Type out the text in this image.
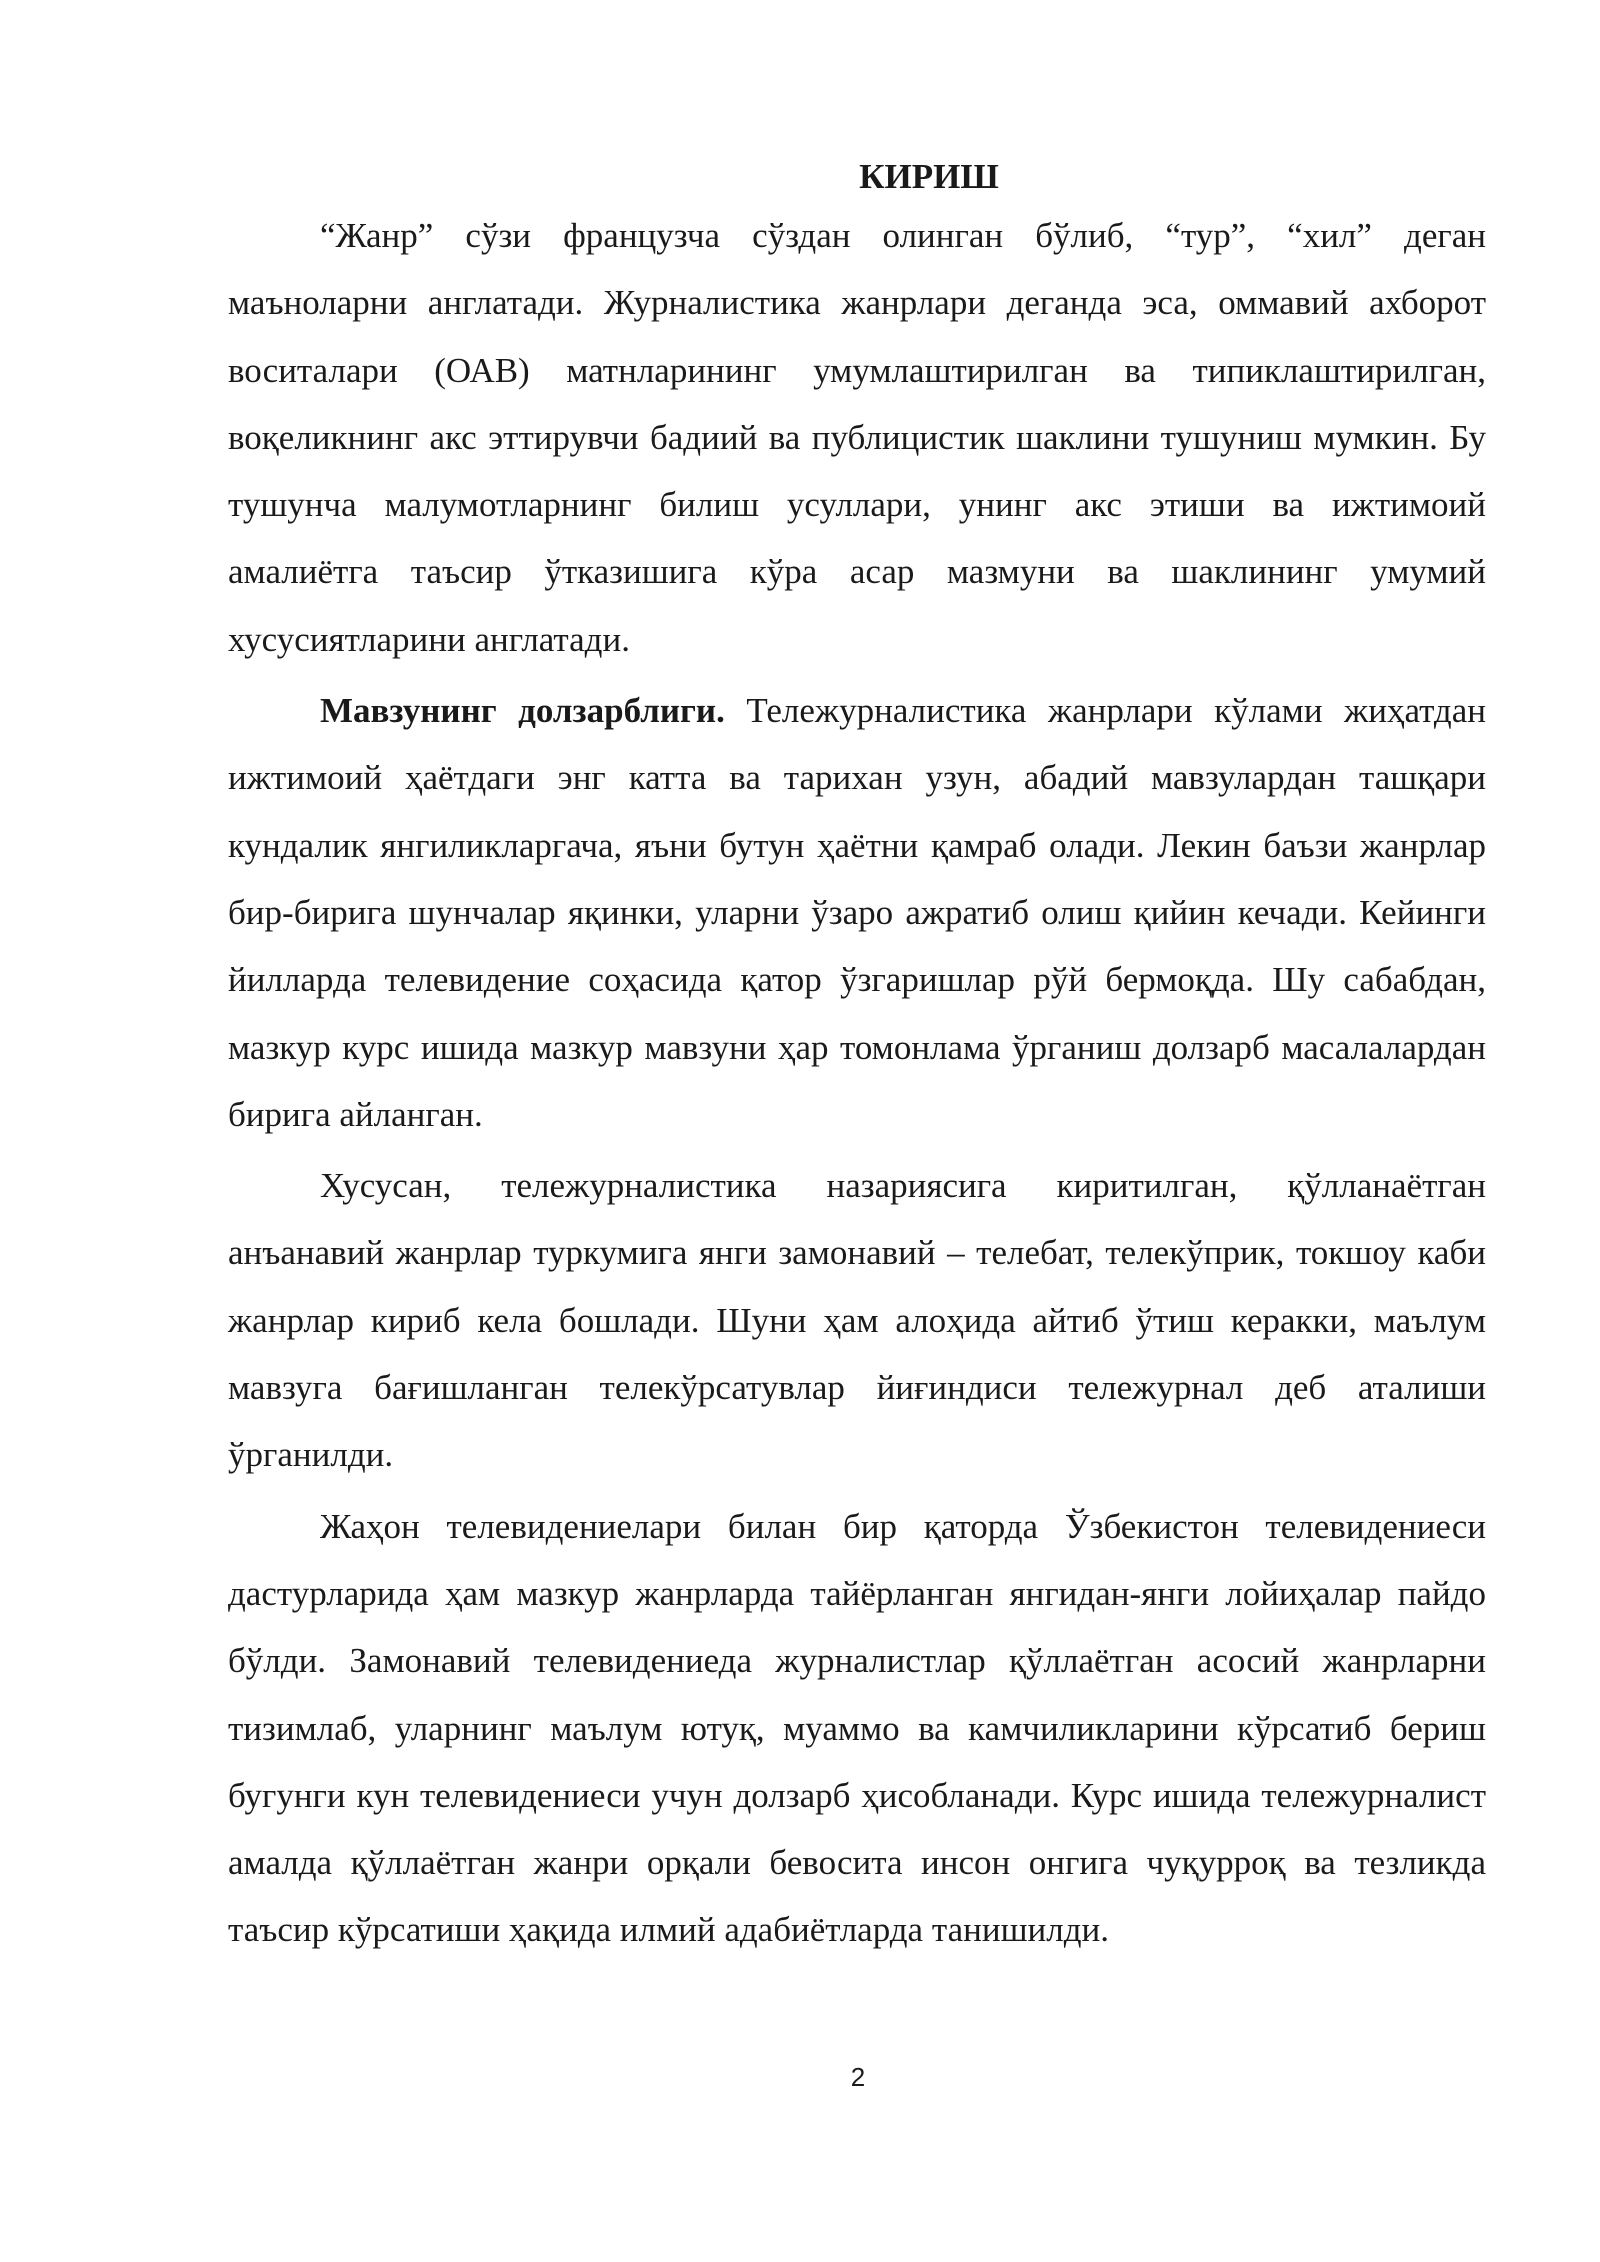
КИРИШ

“Жанр” сўзи французча сўздан олинган бўлиб, “тур”, “хил” деган маъноларни англатади. Журналистика жанрлари деганда эса, оммавий ахборот воситалари (ОАВ) матнларининг умумлаштирилган ва типиклаштирилган, воқеликнинг акс эттирувчи бадиий ва публицистик шаклини тушуниш мумкин. Бу тушунча малумотларнинг билиш усуллари, унинг акс этиши ва ижтимоий амалиётга таъсир ўтказишига кўра асар мазмуни ва шаклининг умумий хусусиятларини англатади.

Мавзунинг долзарблиги. Тележурналистика жанрлари кўлами жиҳатдан ижтимоий ҳаётдаги энг катта ва тарихан узун, абадий мавзулардан ташқари кундалик янгиликларгача, яъни бутун ҳаётни қамраб олади. Лекин баъзи жанрлар бир-бирига шунчалар яқинки, уларни ўзаро ажратиб олиш қийин кечади. Кейинги йилларда телевидение соҳасида қатор ўзгаришлар рўй бермоқда. Шу сабабдан, мазкур курс ишида мазкур мавзуни ҳар томонлама ўрганиш долзарб масалалардан бирига айланган.

Хусусан, тележурналистика назариясига киритилган, қўлланаётган анъанавий жанрлар туркумига янги замонавий – телебат, телекўприк, токшоу каби жанрлар кириб кела бошлади. Шуни ҳам алоҳида айтиб ўтиш керакки, маълум мавзуга бағишланган телекўрсатувлар йиғиндиси тележурнал деб аталиши ўрганилди.

Жаҳон телевидениелари билан бир қаторда Ўзбекистон телевидениеси дастурларида ҳам мазкур жанрларда тайёрланган янгидан-янги лойиҳалар пайдо бўлди. Замонавий телевидениеда журналистлар қўллаётган асосий жанрларни тизимлаб, уларнинг маълум ютуқ, муаммо ва камчиликларини кўрсатиб бериш бугунги кун телевидениеси учун долзарб ҳисобланади. Курс ишида тележурналист амалда қўллаётган жанри орқали бевосита инсон онгига чуқурроқ ва тезликда таъсир кўрсатиши ҳақида илмий адабиётларда танишилди.

2
